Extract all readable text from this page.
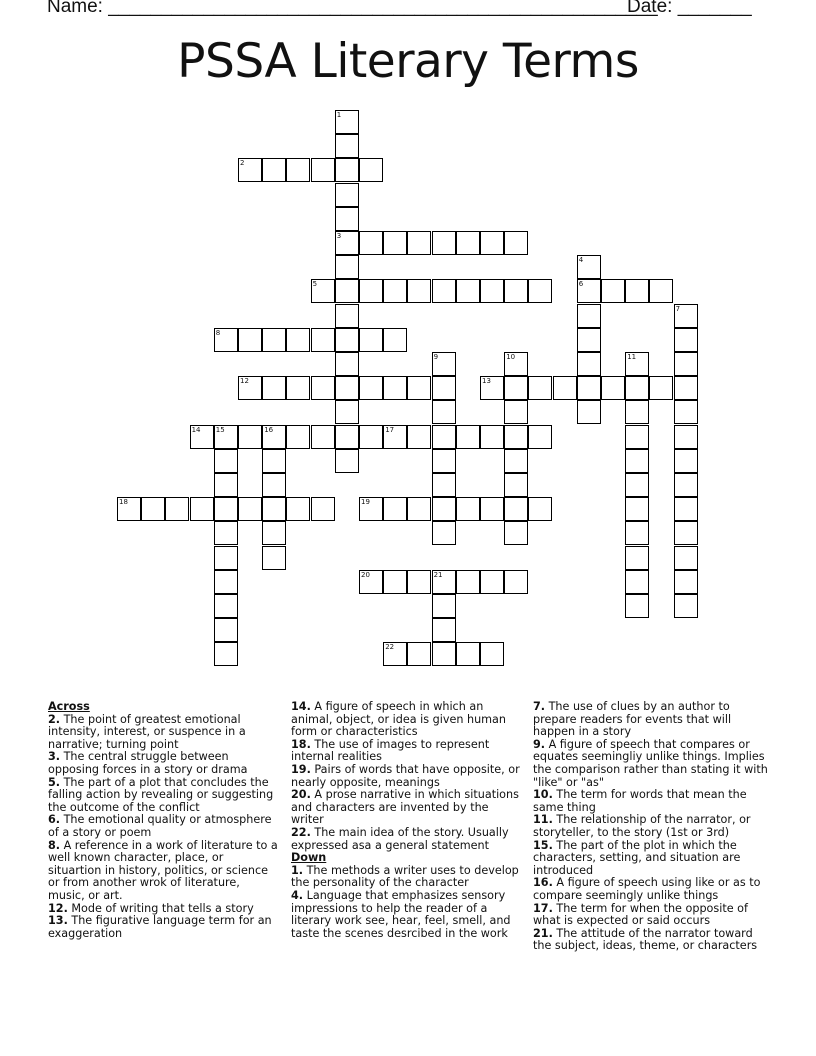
Name: ____________________________________________________
Date: _______
PSSA Literary Terms
1
3
2
4
6
5
7
8
9	10	11
12	13
14 15	16	17
18	19
20	21
22
Across
2. The point of greatest emotional intensity, interest, or suspence in a narrative; turning point
3. The central struggle between opposing forces in a story or drama
5. The part of a plot that concludes the falling action by revealing or suggesting the outcome of the conflict
6. The emotional quality or atmosphere of a story or poem
8. A reference in a work of literature to a well known character, place, or situartion in history, politics, or science or from another wrok of literature, music, or art.
12. Mode of writing that tells a story
13. The figurative language term for an exaggeration
14. A figure of speech in which an animal, object, or idea is given human form or characteristics
18. The use of images to represent internal realities
19. Pairs of words that have opposite, or nearly opposite, meanings
20. A prose narrative in which situations and characters are invented by the writer
22. The main idea of the story. Usually expressed asa a general statement
Down
1. The methods a writer uses to develop the personality of the character
4. Language that emphasizes sensory impressions to help the reader of a literary work see, hear, feel, smell, and taste the scenes desrcibed in the work
7. The use of clues by an author to prepare readers for events that will happen in a story
9. A figure of speech that compares or equates seemingliy unlike things. Implies the comparison rather than stating it with "like" or "as"
10. The term for words that mean the same thing
11. The relationship of the narrator, or storyteller, to the story (1st or 3rd)
15. The part of the plot in which the characters, setting, and situation are introduced
16. A figure of speech using like or as to compare seemingly unlike things
17. The term for when the opposite of what is expected or said occurs
21. The attitude of the narrator toward the subject, ideas, theme, or characters
